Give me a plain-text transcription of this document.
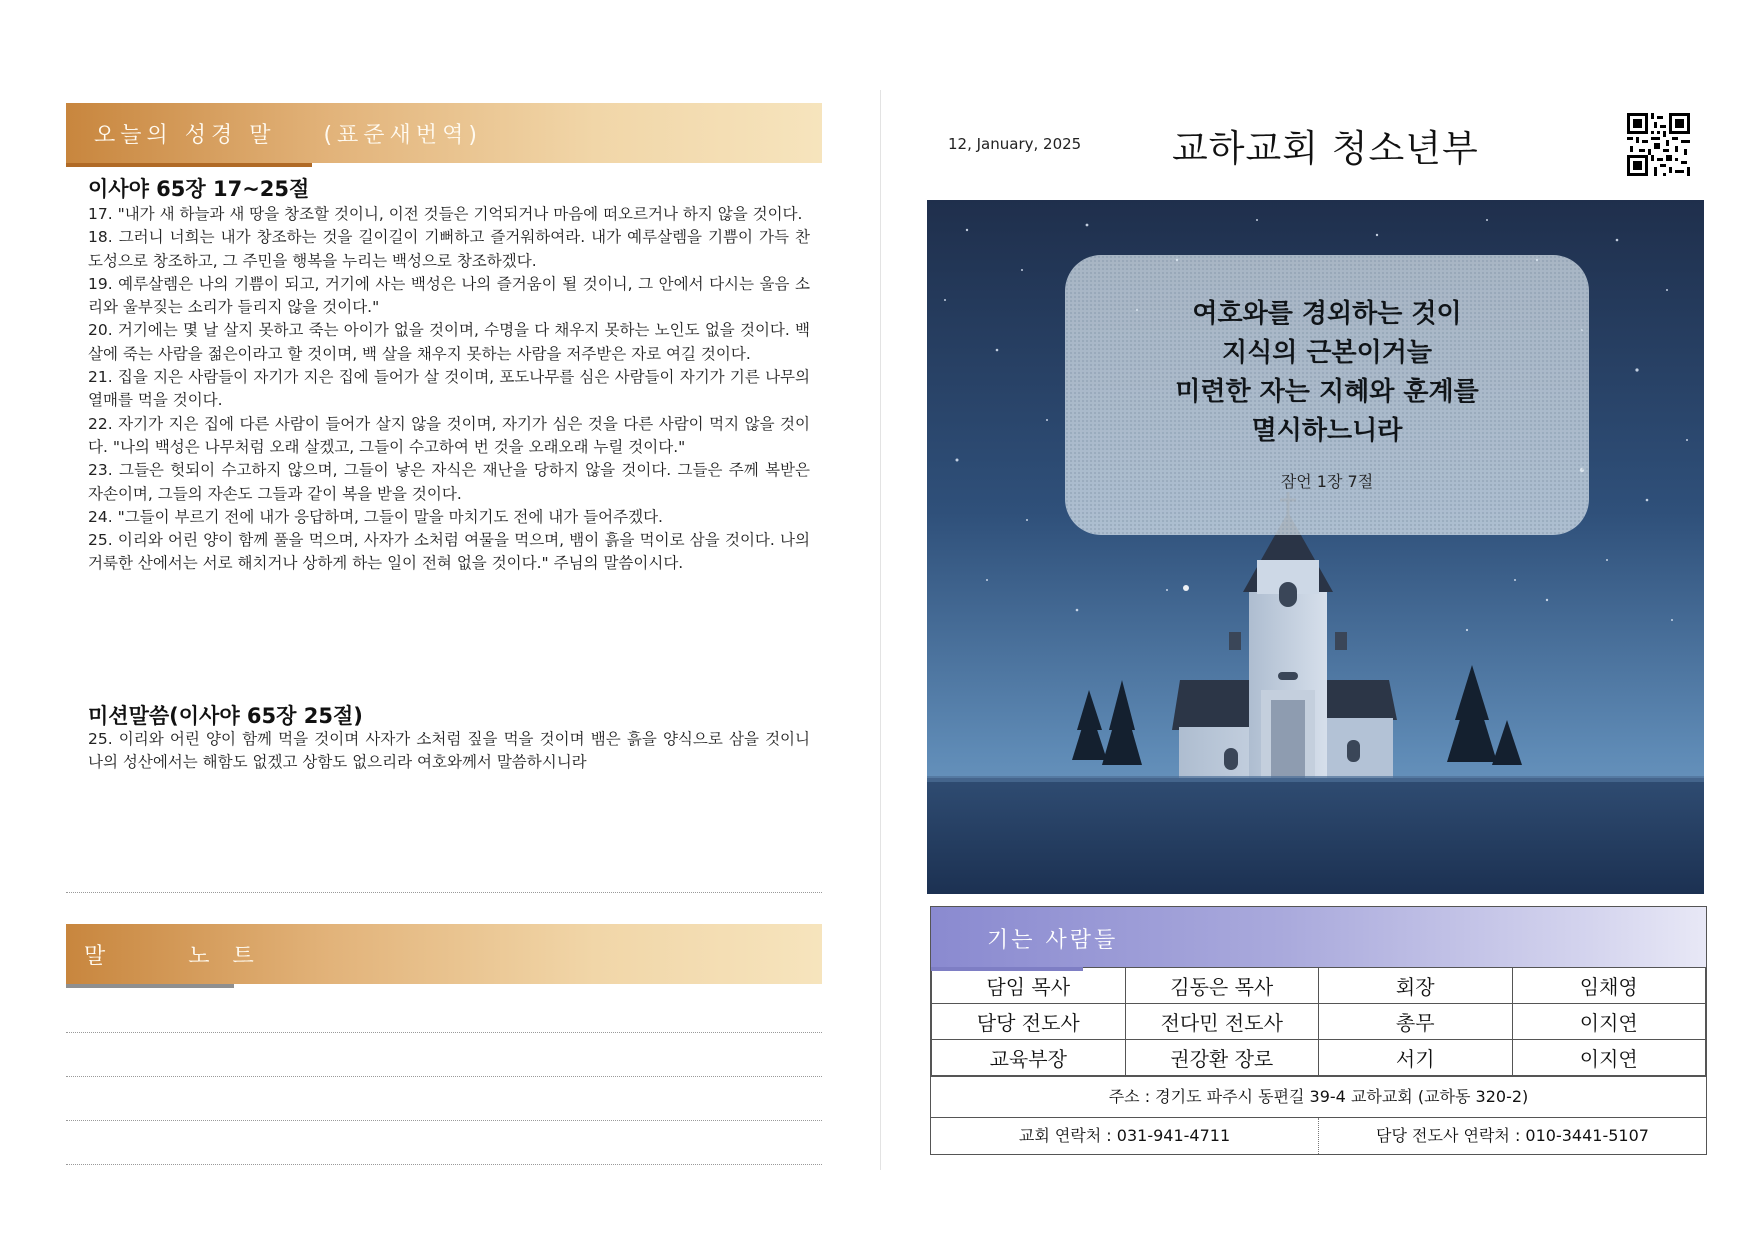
오늘의 성경 말    (표준새번역)
이사야 65장 17~25절

17. "내가 새 하늘과 새 땅을 창조할 것이니, 이전 것들은 기억되거나 마음에 떠오르거나 하지 않을 것이다.

18. 그러니 너희는 내가 창조하는 것을 길이길이 기뻐하고 즐거워하여라. 내가 예루살렘을 기쁨이 가득 찬 도성으로 창조하고, 그 주민을 행복을 누리는 백성으로 창조하겠다.

19. 예루살렘은 나의 기쁨이 되고, 거기에 사는 백성은 나의 즐거움이 될 것이니, 그 안에서 다시는 울음 소리와 울부짖는 소리가 들리지 않을 것이다."

20. 거기에는 몇 날 살지 못하고 죽는 아이가 없을 것이며, 수명을 다 채우지 못하는 노인도 없을 것이다. 백 살에 죽는 사람을 젊은이라고 할 것이며, 백 살을 채우지 못하는 사람을 저주받은 자로 여길 것이다.

21. 집을 지은 사람들이 자기가 지은 집에 들어가 살 것이며, 포도나무를 심은 사람들이 자기가 기른 나무의 열매를 먹을 것이다.

22. 자기가 지은 집에 다른 사람이 들어가 살지 않을 것이며, 자기가 심은 것을 다른 사람이 먹지 않을 것이다. "나의 백성은 나무처럼 오래 살겠고, 그들이 수고하여 번 것을 오래오래 누릴 것이다."

23. 그들은 헛되이 수고하지 않으며, 그들이 낳은 자식은 재난을 당하지 않을 것이다. 그들은 주께 복받은 자손이며, 그들의 자손도 그들과 같이 복을 받을 것이다.

24. "그들이 부르기 전에 내가 응답하며, 그들이 말을 마치기도 전에 내가 들어주겠다.

25. 이리와 어린 양이 함께 풀을 먹으며, 사자가 소처럼 여물을 먹으며, 뱀이 흙을 먹이로 삼을 것이다. 나의 거룩한 산에서는 서로 해치거나 상하게 하는 일이 전혀 없을 것이다." 주님의 말씀이시다.

미션말씀(이사야 65장 25절)
25. 이리와 어린 양이 함께 먹을 것이며 사자가 소처럼 짚을 먹을 것이며 뱀은 흙을 양식으로 삼을 것이니 나의 성산에서는 해함도 없겠고 상함도 없으리라 여호와께서 말씀하시니라
말     노 트
12, January, 2025 교하교회 청소년부
여호와를 경외하는 것이
지식의 근본이거늘
미련한 자는 지혜와 훈계를
멸시하느니라
잠언 1장 7절
기는 사람들
담임 목사	김동은 목사	회장	임채영
담당 전도사	전다민 전도사	총무	이지연
교육부장	권강환 장로	서기	이지연
주소 : 경기도 파주시 동편길 39-4 교하교회 (교하동 320-2)
교회 연락처 : 031-941-4711	담당 전도사 연락처 : 010-3441-5107
